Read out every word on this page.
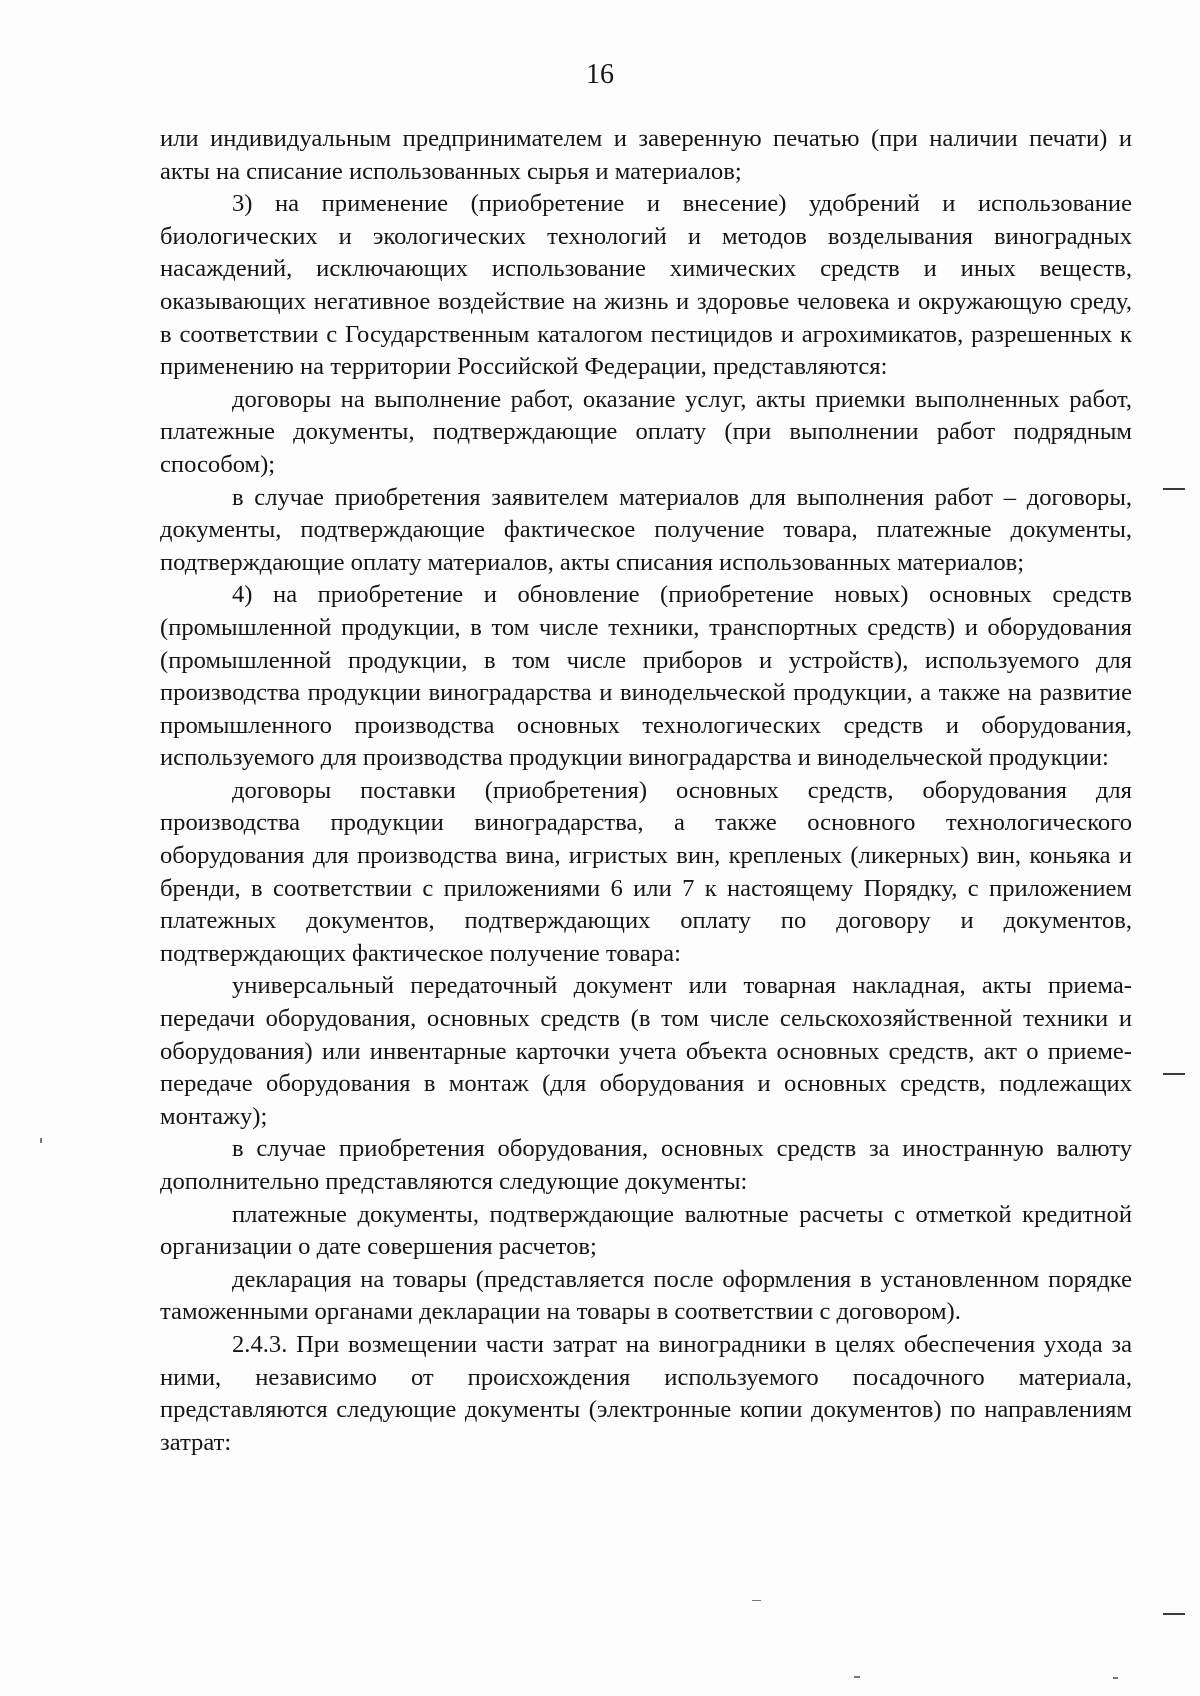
16

или индивидуальным предпринимателем и заверенную печатью (при наличии печати) и акты на списание использованных сырья и материалов;

3) на применение (приобретение и внесение) удобрений и использование биологических и экологических технологий и методов возделывания виноградных насаждений, исключающих использование химических средств и иных веществ, оказывающих негативное воздействие на жизнь и здоровье человека и окружающую среду, в соответствии с Государственным каталогом пестицидов и агрохимикатов, разрешенных к применению на территории Российской Федерации, представляются:

договоры на выполнение работ, оказание услуг, акты приемки выполненных работ, платежные документы, подтверждающие оплату (при выполнении работ подрядным способом);

в случае приобретения заявителем материалов для выполнения работ – договоры, документы, подтверждающие фактическое получение товара, платежные документы, подтверждающие оплату материалов, акты списания использованных материалов;

4) на приобретение и обновление (приобретение новых) основных средств (промышленной продукции, в том числе техники, транспортных средств) и оборудования (промышленной продукции, в том числе приборов и устройств), используемого для производства продукции виноградарства и винодельческой продукции, а также на развитие промышленного производства основных технологических средств и оборудования, используемого для производства продукции виноградарства и винодельческой продукции:

договоры поставки (приобретения) основных средств, оборудования для производства продукции виноградарства, а также основного технологического оборудования для производства вина, игристых вин, крепленых (ликерных) вин, коньяка и бренди, в соответствии с приложениями 6 или 7 к настоящему Порядку, с приложением платежных документов, подтверждающих оплату по договору и документов, подтверждающих фактическое получение товара:

универсальный передаточный документ или товарная накладная, акты приема-передачи оборудования, основных средств (в том числе сельскохозяйственной техники и оборудования) или инвентарные карточки учета объекта основных средств, акт о приеме-передаче оборудования в монтаж (для оборудования и основных средств, подлежащих монтажу);

в случае приобретения оборудования, основных средств за иностранную валюту дополнительно представляются следующие документы:

платежные документы, подтверждающие валютные расчеты с отметкой кредитной организации о дате совершения расчетов;

декларация на товары (представляется после оформления в установленном порядке таможенными органами декларации на товары в соответствии с договором).

2.4.3. При возмещении части затрат на виноградники в целях обеспечения ухода за ними, независимо от происхождения используемого посадочного материала, представляются следующие документы (электронные копии документов) по направлениям затрат:
